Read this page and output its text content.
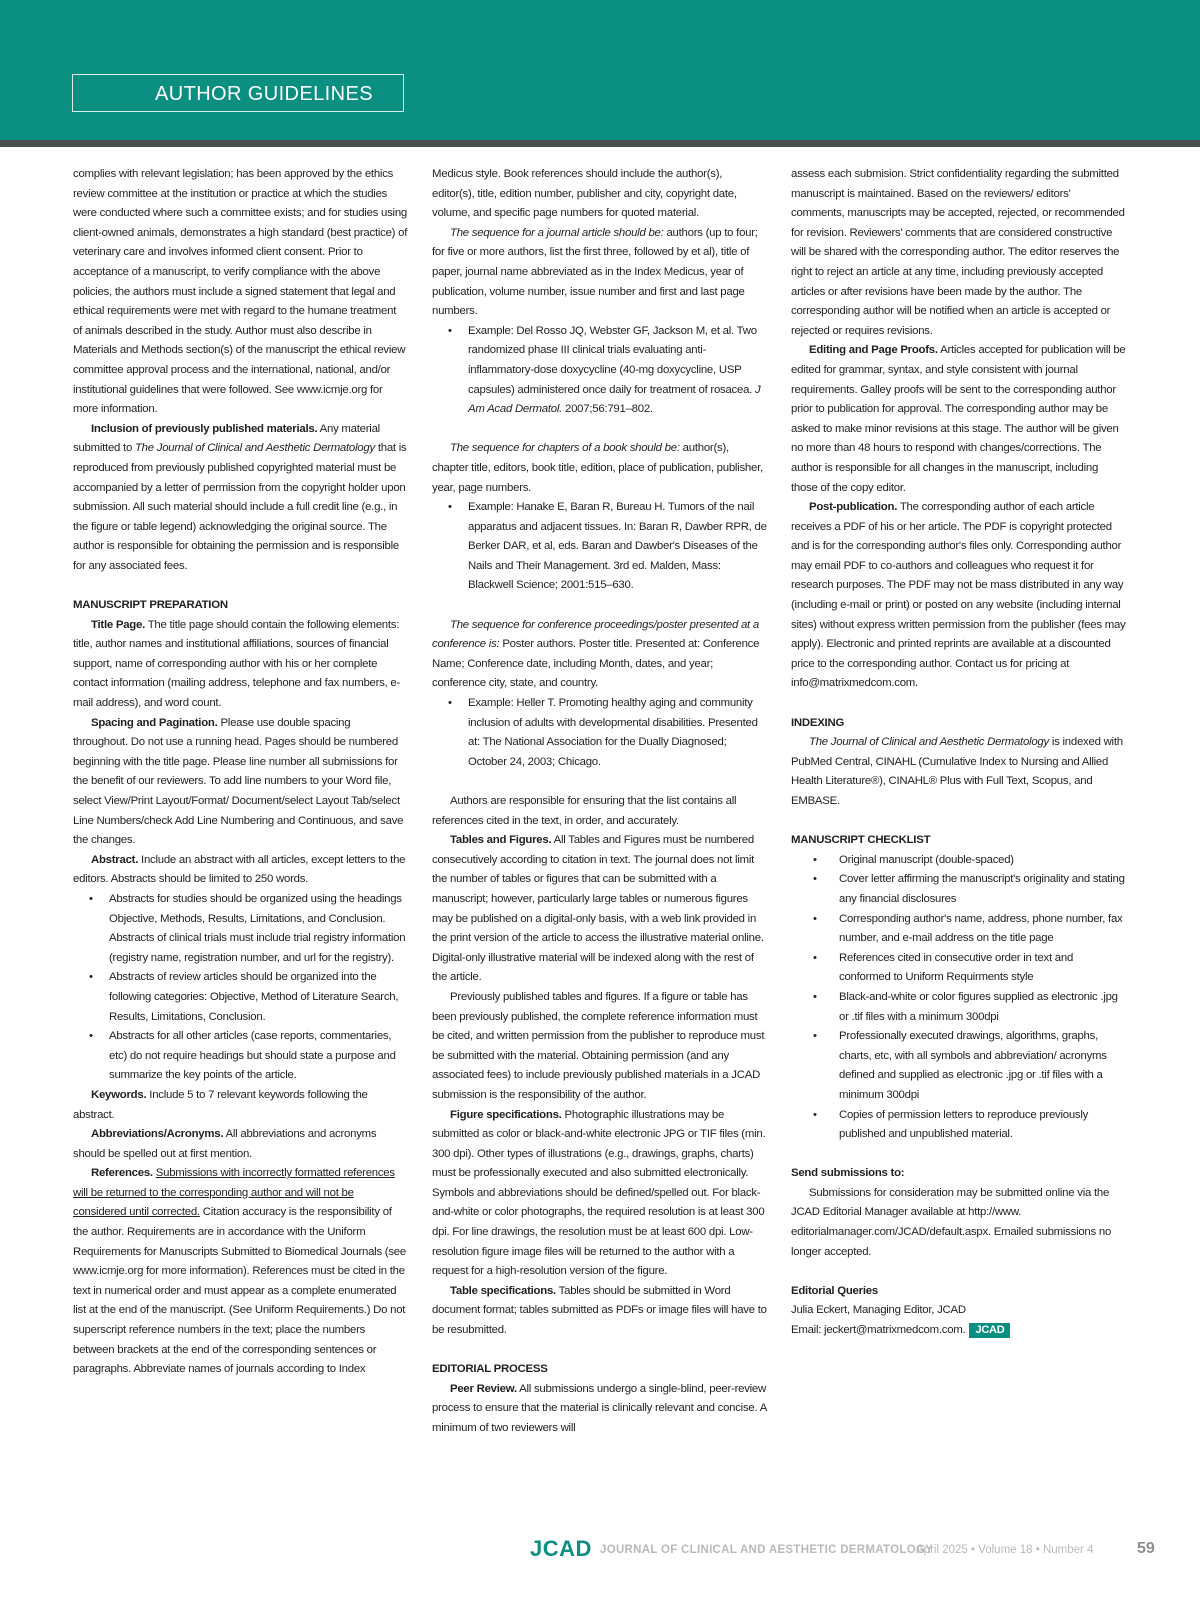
AUTHOR GUIDELINES

complies with relevant legislation; has been approved by the ethics review committee at the institution or practice at which the studies were conducted where such a committee exists; and for studies using client-owned animals, demonstrates a high standard (best practice) of veterinary care and involves informed client consent. Prior to acceptance of a manuscript, to verify compliance with the above policies, the authors must include a signed statement that legal and ethical requirements were met with regard to the humane treatment of animals described in the study. Author must also describe in Materials and Methods section(s) of the manuscript the ethical review committee approval process and the international, national, and/or institutional guidelines that were followed. See www.icmje.org for more information.

Inclusion of previously published materials. Any material submitted to The Journal of Clinical and Aesthetic Dermatology that is reproduced from previously published copyrighted material must be accompanied by a letter of permission from the copyright holder upon submission. All such material should include a full credit line (e.g., in the figure or table legend) acknowledging the original source. The author is responsible for obtaining the permission and is responsible for any associated fees.

MANUSCRIPT PREPARATION

Title Page. The title page should contain the following elements: title, author names and institutional affiliations, sources of financial support, name of corresponding author with his or her complete contact information (mailing address, telephone and fax numbers, e-mail address), and word count.

Spacing and Pagination. Please use double spacing throughout. Do not use a running head. Pages should be numbered beginning with the title page. Please line number all submissions for the benefit of our reviewers. To add line numbers to your Word file, select View/Print Layout/Format/ Document/select Layout Tab/select Line Numbers/check Add Line Numbering and Continuous, and save the changes.

Abstract. Include an abstract with all articles, except letters to the editors. Abstracts should be limited to 250 words.

• Abstracts for studies should be organized using the headings Objective, Methods, Results, Limitations, and Conclusion. Abstracts of clinical trials must include trial registry information (registry name, registration number, and url for the registry).
• Abstracts of review articles should be organized into the following categories: Objective, Method of Literature Search, Results, Limitations, Conclusion.
• Abstracts for all other articles (case reports, commentaries, etc) do not require headings but should state a purpose and summarize the key points of the article.

Keywords. Include 5 to 7 relevant keywords following the abstract.

Abbreviations/Acronyms. All abbreviations and acronyms should be spelled out at first mention.

References. Submissions with incorrectly formatted references will be returned to the corresponding author and will not be considered until corrected. Citation accuracy is the responsibility of the author. Requirements are in accordance with the Uniform Requirements for Manuscripts Submitted to Biomedical Journals (see www.icmje.org for more information). References must be cited in the text in numerical order and must appear as a complete enumerated list at the end of the manuscript. (See Uniform Requirements.) Do not superscript reference numbers in the text; place the numbers between brackets at the end of the corresponding sentences or paragraphs. Abbreviate names of journals according to Index

Medicus style. Book references should include the author(s), editor(s), title, edition number, publisher and city, copyright date, volume, and specific page numbers for quoted material.

The sequence for a journal article should be: authors (up to four; for five or more authors, list the first three, followed by et al), title of paper, journal name abbreviated as in the Index Medicus, year of publication, volume number, issue number and first and last page numbers.

• Example: Del Rosso JQ, Webster GF, Jackson M, et al. Two randomized phase III clinical trials evaluating anti-inflammatory-dose doxycycline (40-mg doxycycline, USP capsules) administered once daily for treatment of rosacea. J Am Acad Dermatol. 2007;56:791–802.

The sequence for chapters of a book should be: author(s), chapter title, editors, book title, edition, place of publication, publisher, year, page numbers.

• Example: Hanake E, Baran R, Bureau H. Tumors of the nail apparatus and adjacent tissues. In: Baran R, Dawber RPR, de Berker DAR, et al, eds. Baran and Dawber's Diseases of the Nails and Their Management. 3rd ed. Malden, Mass: Blackwell Science; 2001:515–630.

The sequence for conference proceedings/poster presented at a conference is: Poster authors. Poster title. Presented at: Conference Name; Conference date, including Month, dates, and year; conference city, state, and country.

• Example: Heller T. Promoting healthy aging and community inclusion of adults with developmental disabilities. Presented at: The National Association for the Dually Diagnosed; October 24, 2003; Chicago.

Authors are responsible for ensuring that the list contains all references cited in the text, in order, and accurately.

Tables and Figures. All Tables and Figures must be numbered consecutively according to citation in text. The journal does not limit the number of tables or figures that can be submitted with a manuscript; however, particularly large tables or numerous figures may be published on a digital-only basis, with a web link provided in the print version of the article to access the illustrative material online. Digital-only illustrative material will be indexed along with the rest of the article.

Previously published tables and figures. If a figure or table has been previously published, the complete reference information must be cited, and written permission from the publisher to reproduce must be submitted with the material. Obtaining permission (and any associated fees) to include previously published materials in a JCAD submission is the responsibility of the author.

Figure specifications. Photographic illustrations may be submitted as color or black-and-white electronic JPG or TIF files (min. 300 dpi). Other types of illustrations (e.g., drawings, graphs, charts) must be professionally executed and also submitted electronically. Symbols and abbreviations should be defined/spelled out. For black-and-white or color photographs, the required resolution is at least 300 dpi. For line drawings, the resolution must be at least 600 dpi. Low-resolution figure image files will be returned to the author with a request for a high-resolution version of the figure.

Table specifications. Tables should be submitted in Word document format; tables submitted as PDFs or image files will have to be resubmitted.

EDITORIAL PROCESS

Peer Review. All submissions undergo a single-blind, peer-review process to ensure that the material is clinically relevant and concise. A minimum of two reviewers will

assess each submision. Strict confidentiality regarding the submitted manuscript is maintained. Based on the reviewers/ editors' comments, manuscripts may be accepted, rejected, or recommended for revision. Reviewers' comments that are considered constructive will be shared with the corresponding author. The editor reserves the right to reject an article at any time, including previously accepted articles or after revisions have been made by the author. The corresponding author will be notified when an article is accepted or rejected or requires revisions.

Editing and Page Proofs. Articles accepted for publication will be edited for grammar, syntax, and style consistent with journal requirements. Galley proofs will be sent to the corresponding author prior to publication for approval. The corresponding author may be asked to make minor revisions at this stage. The author will be given no more than 48 hours to respond with changes/corrections. The author is responsible for all changes in the manuscript, including those of the copy editor.

Post-publication. The corresponding author of each article receives a PDF of his or her article. The PDF is copyright protected and is for the corresponding author's files only. Corresponding author may email PDF to co-authors and colleagues who request it for research purposes. The PDF may not be mass distributed in any way (including e-mail or print) or posted on any website (including internal sites) without express written permission from the publisher (fees may apply). Electronic and printed reprints are available at a discounted price to the corresponding author. Contact us for pricing at info@matrixmedcom.com.

INDEXING

The Journal of Clinical and Aesthetic Dermatology is indexed with PubMed Central, CINAHL (Cumulative Index to Nursing and Allied Health Literature®), CINAHL® Plus with Full Text, Scopus, and EMBASE.

MANUSCRIPT CHECKLIST

• Original manuscript (double-spaced)
• Cover letter affirming the manuscript's originality and stating any financial disclosures
• Corresponding author's name, address, phone number, fax number, and e-mail address on the title page
• References cited in consecutive order in text and conformed to Uniform Requirments style
• Black-and-white or color figures supplied as electronic .jpg or .tif files with a minimum 300dpi
• Professionally executed drawings, algorithms, graphs, charts, etc, with all symbols and abbreviation/ acronyms defined and supplied as electronic .jpg or .tif files with a minimum 300dpi
• Copies of permission letters to reproduce previously published and unpublished material.

Send submissions to:

Submissions for consideration may be submitted online via the JCAD Editorial Manager available at http://www. editorialmanager.com/JCAD/default.aspx. Emailed submissions no longer accepted.

Editorial Queries

Julia Eckert, Managing Editor, JCAD

Email: jeckert@matrixmedcom.com. JCAD

JCAD JOURNAL OF CLINICAL AND AESTHETIC DERMATOLOGY
April 2025 • Volume 18 • Number 4	59
